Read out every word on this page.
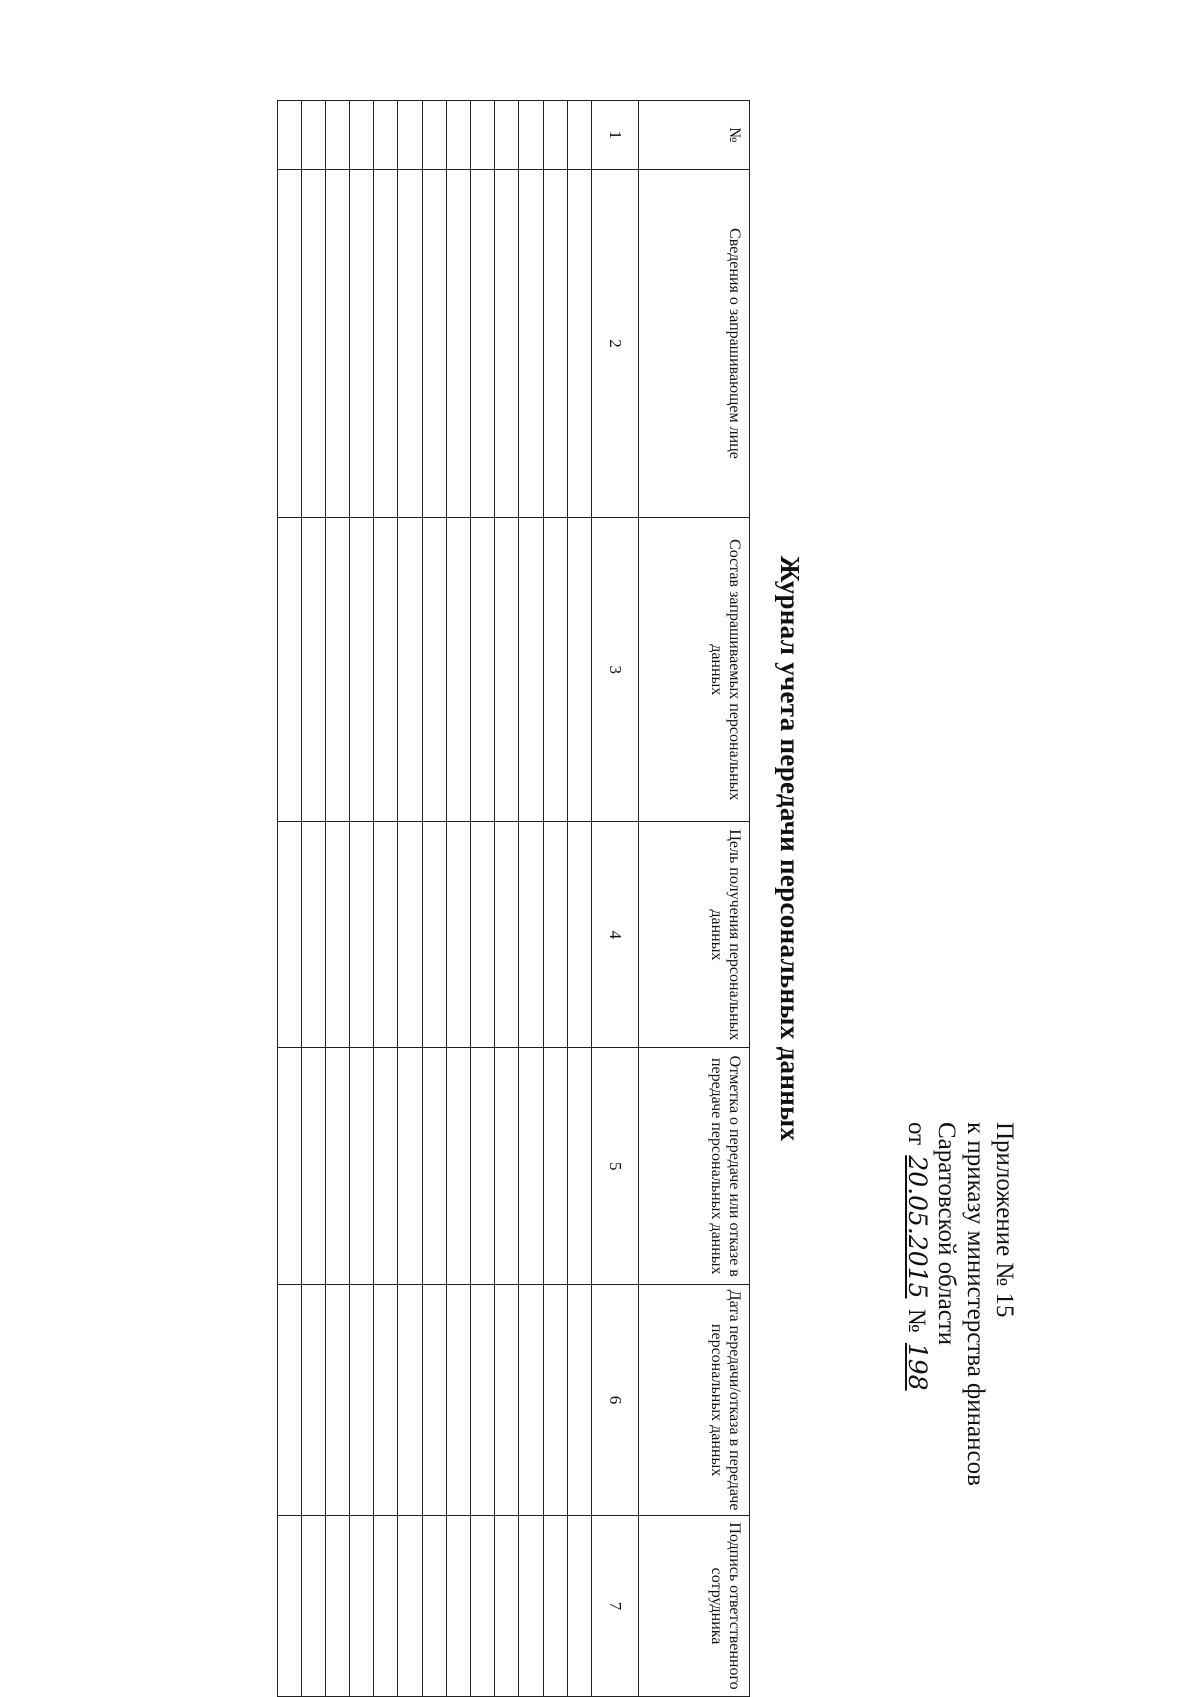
Приложение № 15
к приказу министерства финансов
Саратовской области
от 20.05.2015 № 198
Журнал учета передачи персональных данных
№	Сведения о запрашивающем лице	Состав запрашиваемых персональных данных	Цель получения персональных данных	Отметка о передаче или отказе в передаче персональных данных	Дата передачи/отказа в передаче персональных данных	Подпись ответственного сотрудника
1	2	3	4	5	6	7
